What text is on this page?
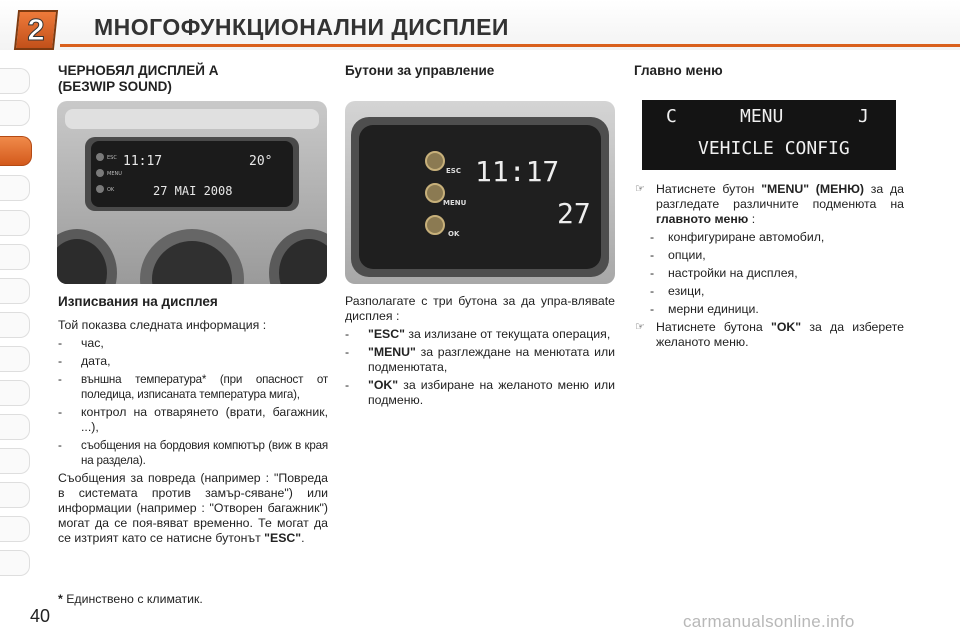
2	МНОГОФУНКЦИОНАЛНИ ДИСПЛЕИ
ЧЕРНОБЯЛ ДИСПЛЕЙ А
(БЕЗWIP SOUND)
ESC
MENU
OK
11:17	20°
27 MAI 2008
Изписвания на дисплея

Той показва следната информация :

- час,
- дата,
- външна температура* (при опасност от поледица, изписаната температура мига),
- контрол на отварянето (врати, багажник, ...),
- съобщения на бордовия компютър (виж в края на раздела).

Съобщения за повреда (например : "Повреда в системата против замър-сяване") или информации (например : "Отворен багажник") могат да се поя-вяват временно. Те могат да се изтрият като се натисне бутонът "ESC".

Бутони за управление
ESC
MENU
OK
11:17
27

Разполагате с три бутона за да упра-вляваte дисплея :

- "ESC" за излизане от текущата операция,
- "MENU" за разглеждане на менютата или подменютата,
- "OK" за избиране на желаното меню или подменю.
Главно меню
C	MENU	J
VEHICLE CONFIG
☞ Натиснете бутон "MENU" (МЕНЮ) за да разгледате различните подменюта на главното меню :
- конфигуриране автомобил,
- опции,
- настройки на дисплея,
- езици,
- мерни единици.
☞ Натиснете бутона "OK" за да изберете желаното меню.
* Единствено с климатик.
40	carmanualsonline.info
